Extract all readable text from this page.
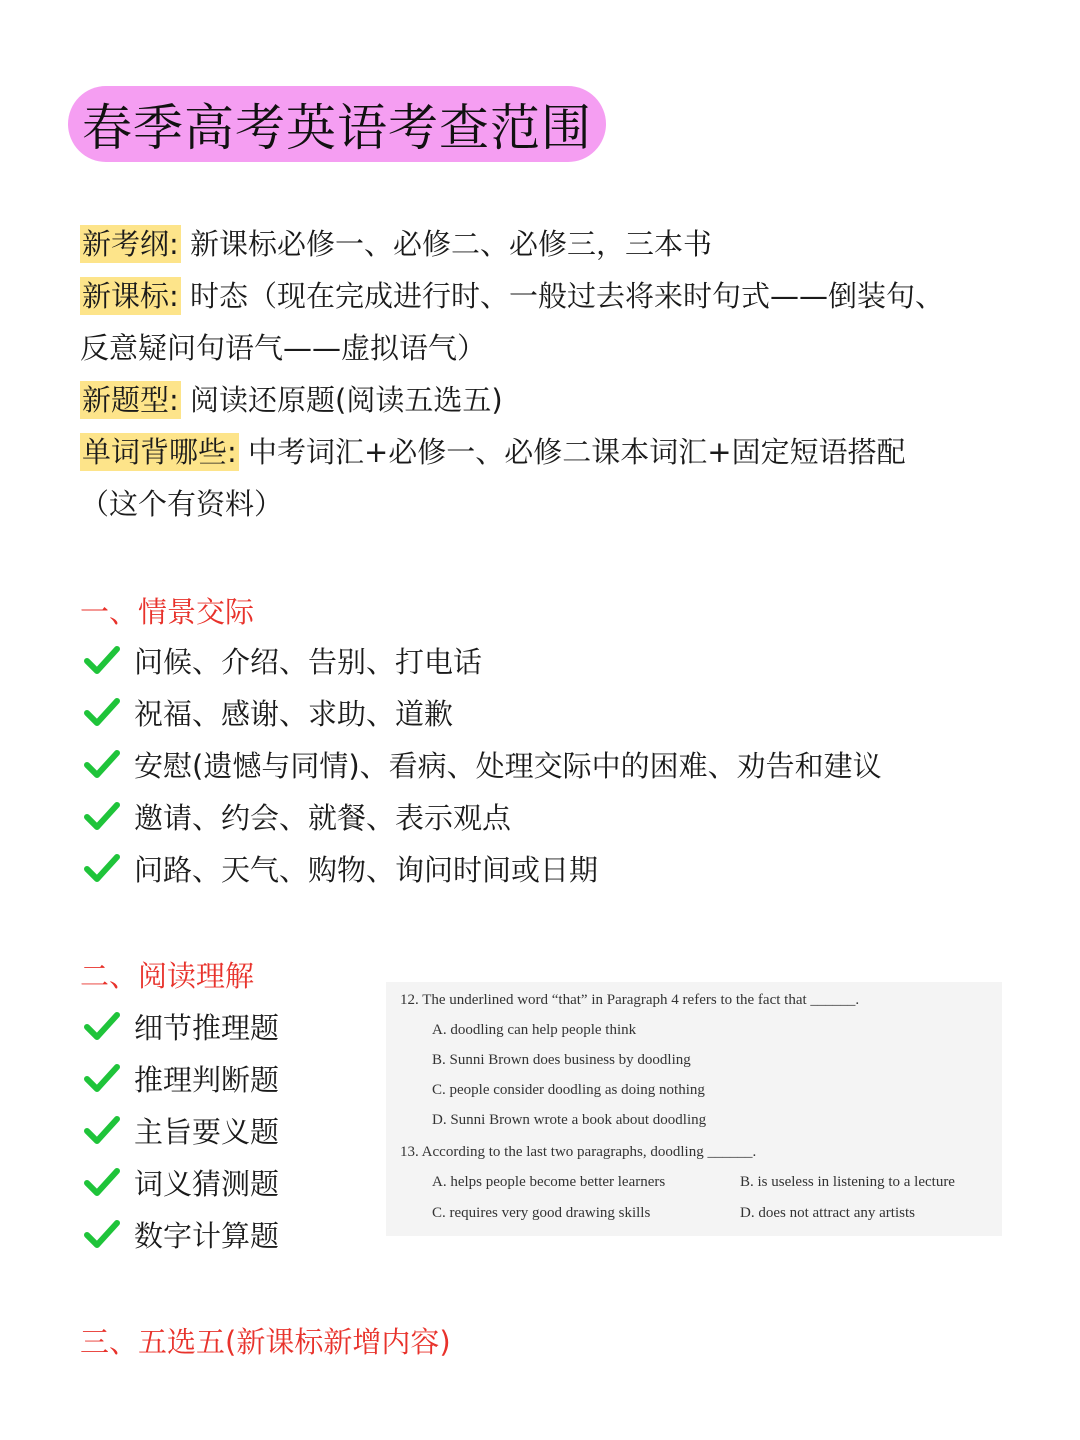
春季高考英语考查范围

新考纲: 新课标必修一、必修二、必修三，三本书

新课标: 时态（现在完成进行时、一般过去将来时句式——倒装句、反意疑问句语气——虚拟语气）

新题型: 阅读还原题(阅读五选五)

单词背哪些: 中考词汇+必修一、必修二课本词汇+固定短语搭配（这个有资料）

一、情景交际
问候、介绍、告别、打电话
祝福、感谢、求助、道歉
安慰(遗憾与同情)、看病、处理交际中的困难、劝告和建议
邀请、约会、就餐、表示观点
问路、天气、购物、询问时间或日期
二、阅读理解
细节推理题
推理判断题
主旨要义题
词义猜测题
数字计算题
12. The underlined word “that” in Paragraph 4 refers to the fact that ______.
A. doodling can help people think
B. Sunni Brown does business by doodling
C. people consider doodling as doing nothing
D. Sunni Brown wrote a book about doodling
13. According to the last two paragraphs, doodling ______.
A. helps people become better learners	B. is useless in listening to a lecture
C. requires very good drawing skills	D. does not attract any artists
三、五选五(新课标新增内容)
